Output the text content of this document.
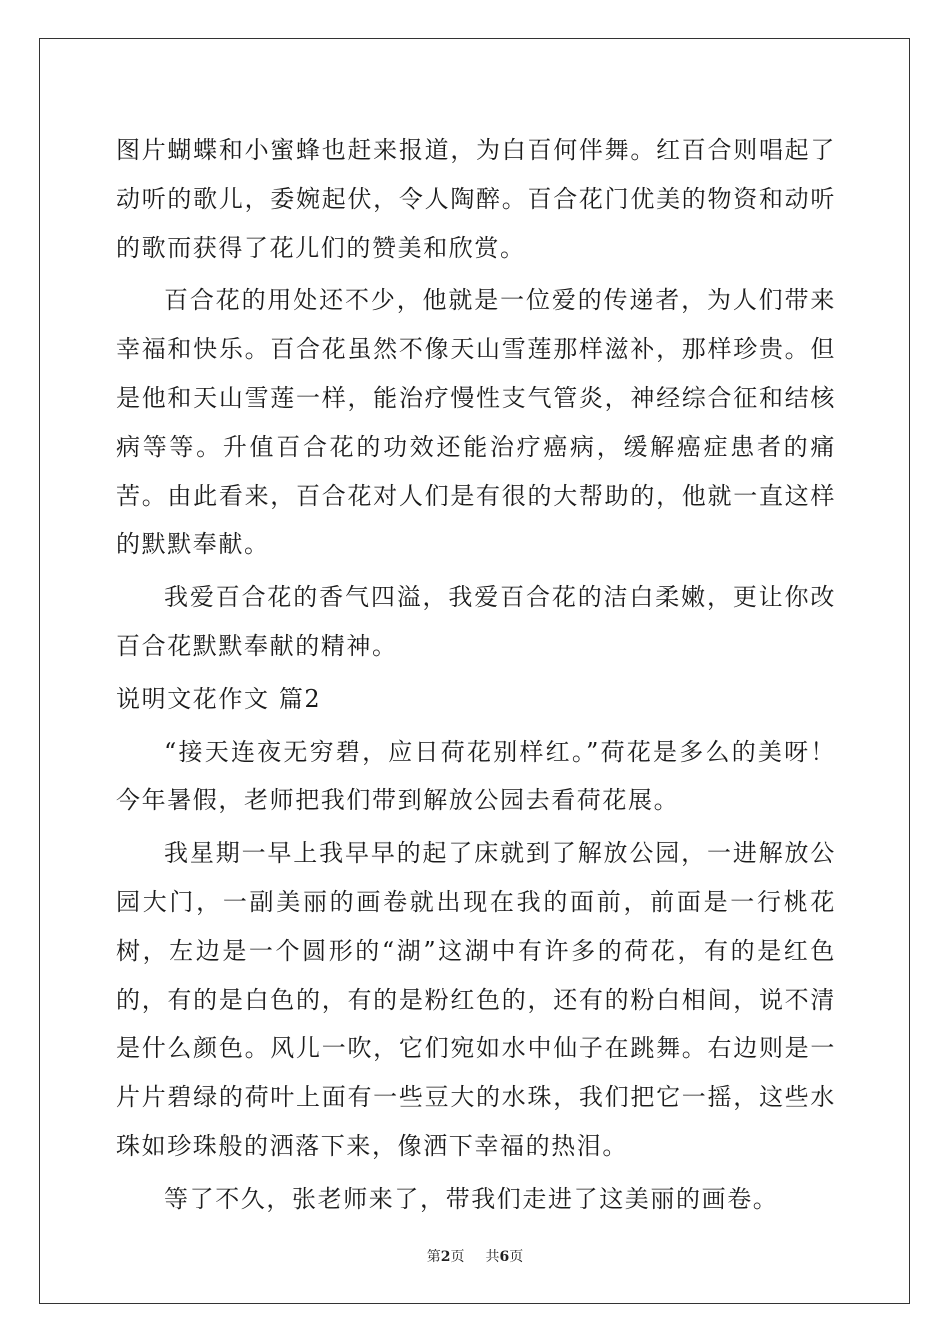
图片蝴蝶和小蜜蜂也赶来报道，为白百何伴舞。红百合则唱起了动听的歌儿，委婉起伏，令人陶醉。百合花门优美的物资和动听的歌而获得了花儿们的赞美和欣赏。

百合花的用处还不少，他就是一位爱的传递者，为人们带来幸福和快乐。百合花虽然不像天山雪莲那样滋补，那样珍贵。但是他和天山雪莲一样，能治疗慢性支气管炎，神经综合征和结核病等等。升值百合花的功效还能治疗癌病，缓解癌症患者的痛苦。由此看来，百合花对人们是有很的大帮助的，他就一直这样的默默奉献。

我爱百合花的香气四溢，我爱百合花的洁白柔嫩，更让你改百合花默默奉献的精神。

说明文花作文 篇2

“接天连夜无穷碧，应日荷花别样红。”荷花是多么的美呀！今年暑假，老师把我们带到解放公园去看荷花展。

我星期一早上我早早的起了床就到了解放公园，一进解放公园大门，一副美丽的画卷就出现在我的面前，前面是一行桃花树，左边是一个圆形的“湖”这湖中有许多的荷花，有的是红色的，有的是白色的，有的是粉红色的，还有的粉白相间，说不清是什么颜色。风儿一吹，它们宛如水中仙子在跳舞。右边则是一片片碧绿的荷叶上面有一些豆大的水珠，我们把它一摇，这些水珠如珍珠般的洒落下来，像洒下幸福的热泪。

等了不久，张老师来了，带我们走进了这美丽的画卷。

第2页 共6页
